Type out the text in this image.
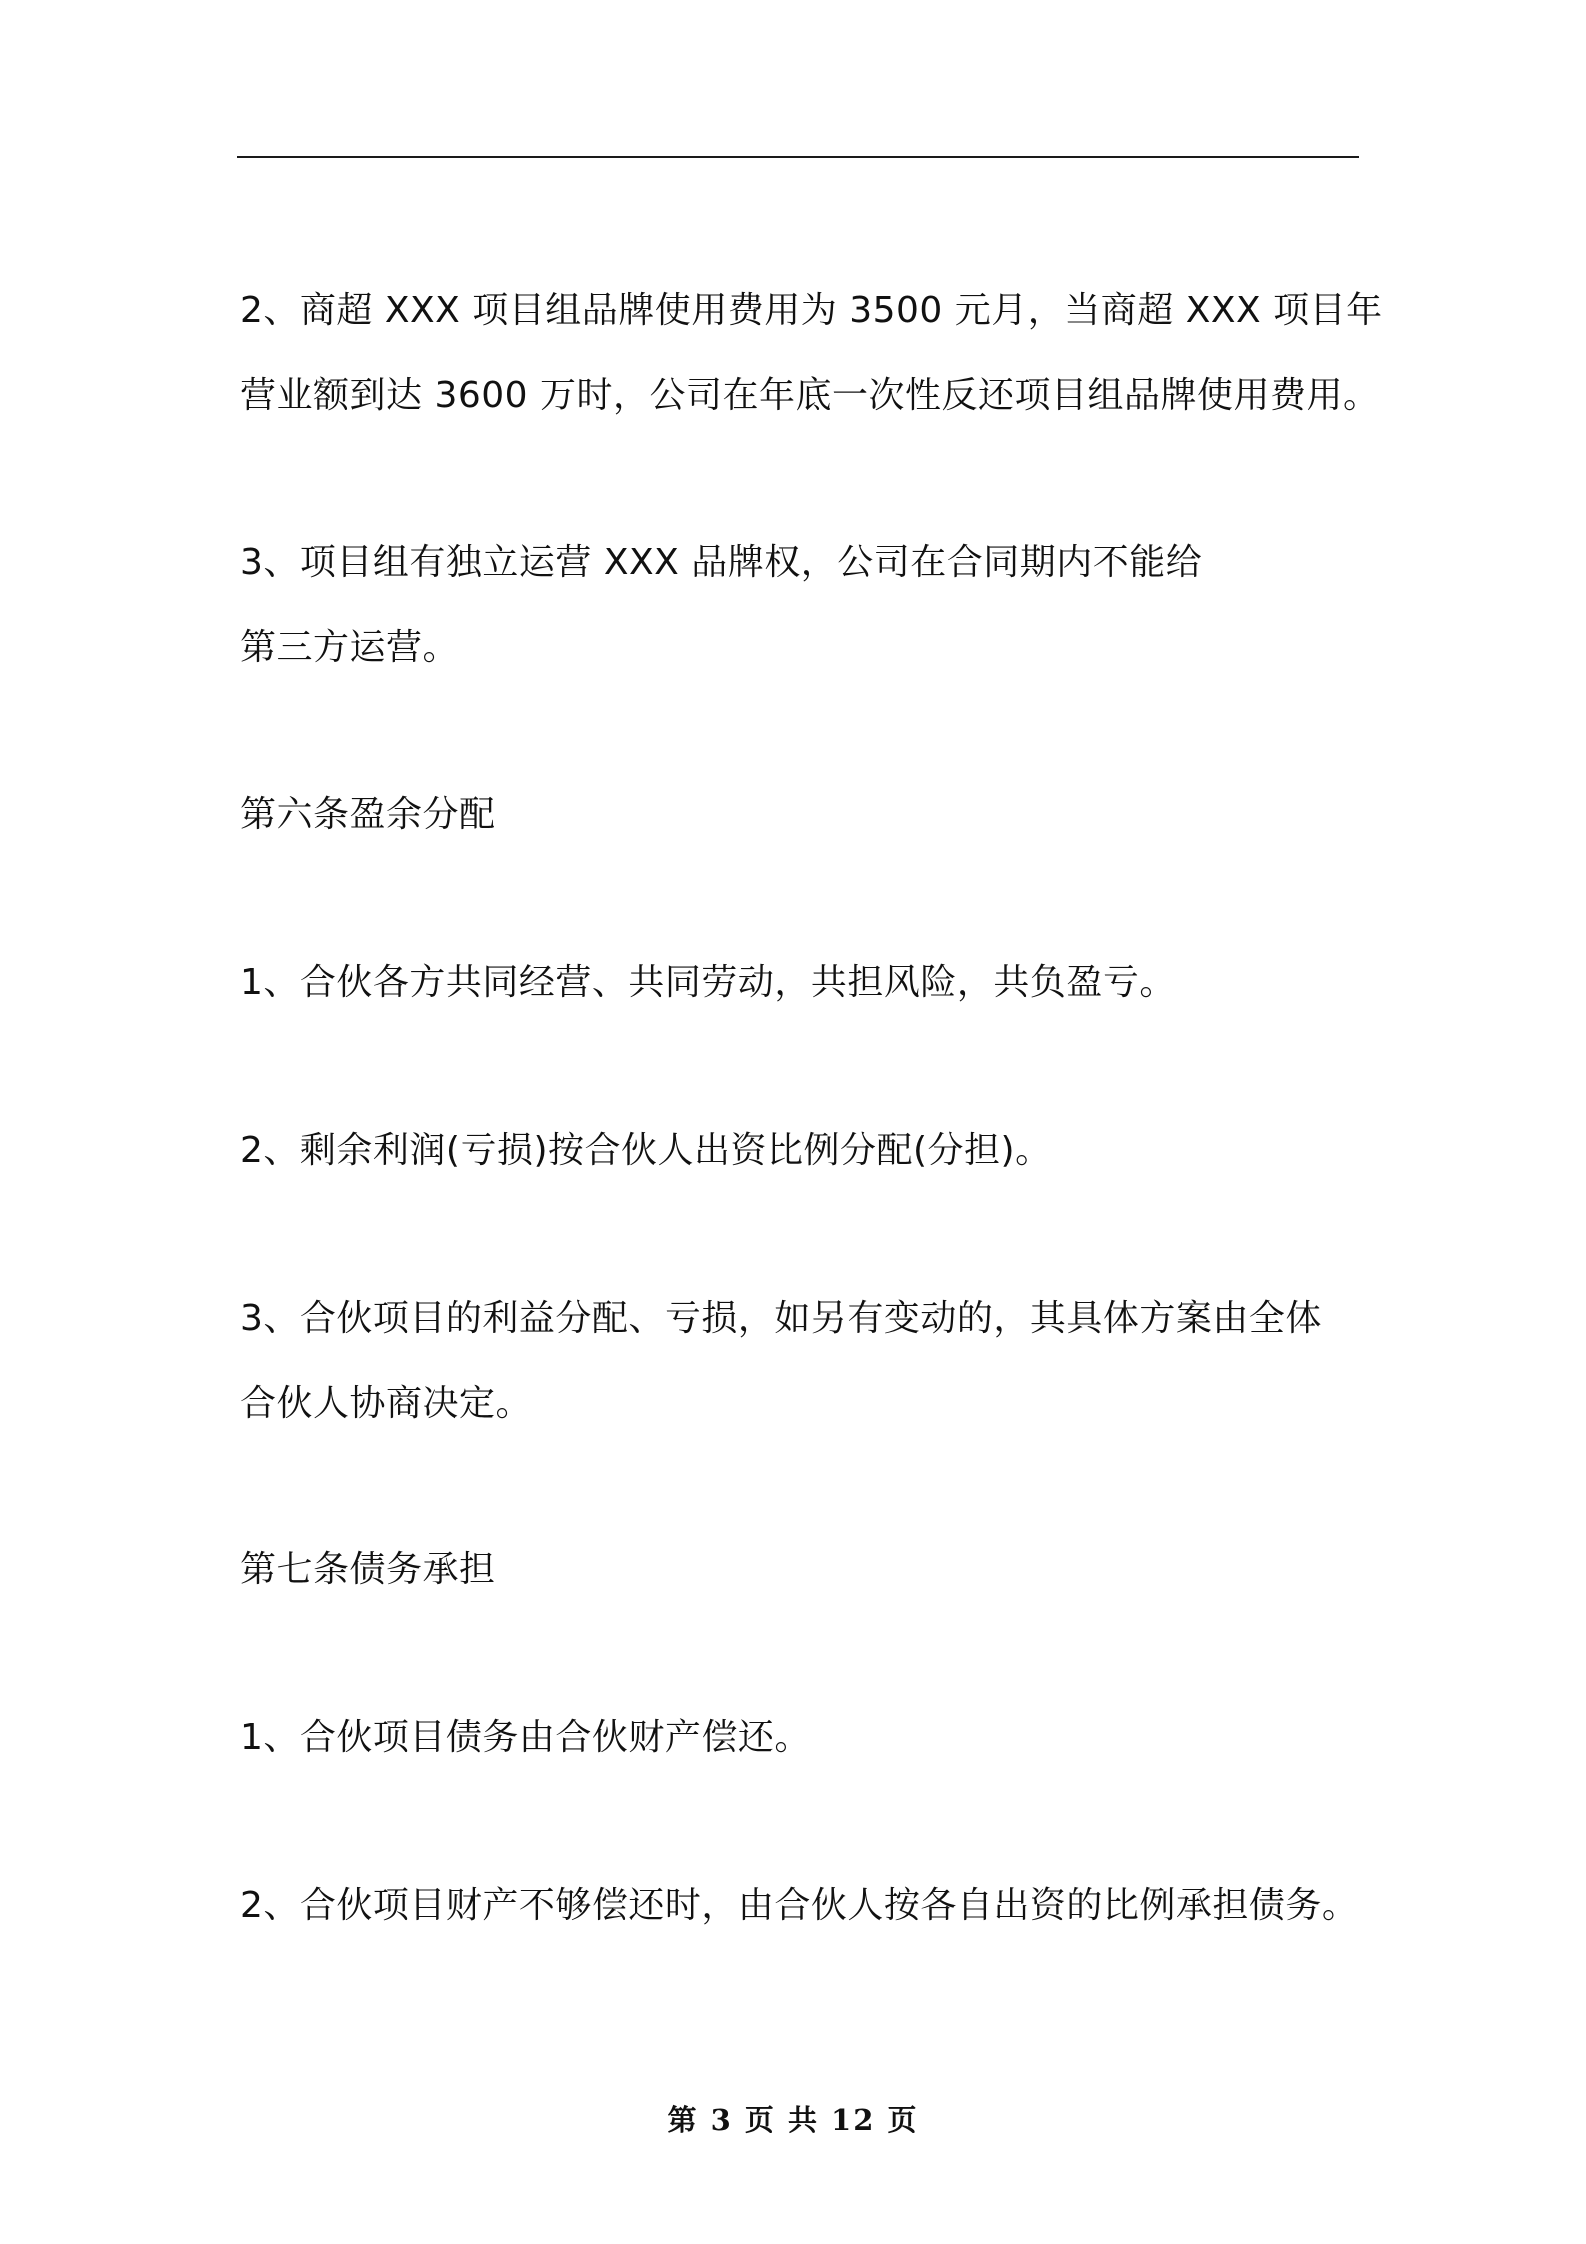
2、商超 XXX 项目组品牌使用费用为 3500 元月，当商超 XXX 项目年
营业额到达 3600 万时，公司在年底一次性反还项目组品牌使用费用。

3、项目组有独立运营 XXX 品牌权，公司在合同期内不能给
第三方运营。

第六条盈余分配

1、合伙各方共同经营、共同劳动，共担风险，共负盈亏。

2、剩余利润(亏损)按合伙人出资比例分配(分担)。

3、合伙项目的利益分配、亏损，如另有变动的，其具体方案由全体
合伙人协商决定。

第七条债务承担

1、合伙项目债务由合伙财产偿还。

2、合伙项目财产不够偿还时，由合伙人按各自出资的比例承担债务。

第 3 页 共 12 页
